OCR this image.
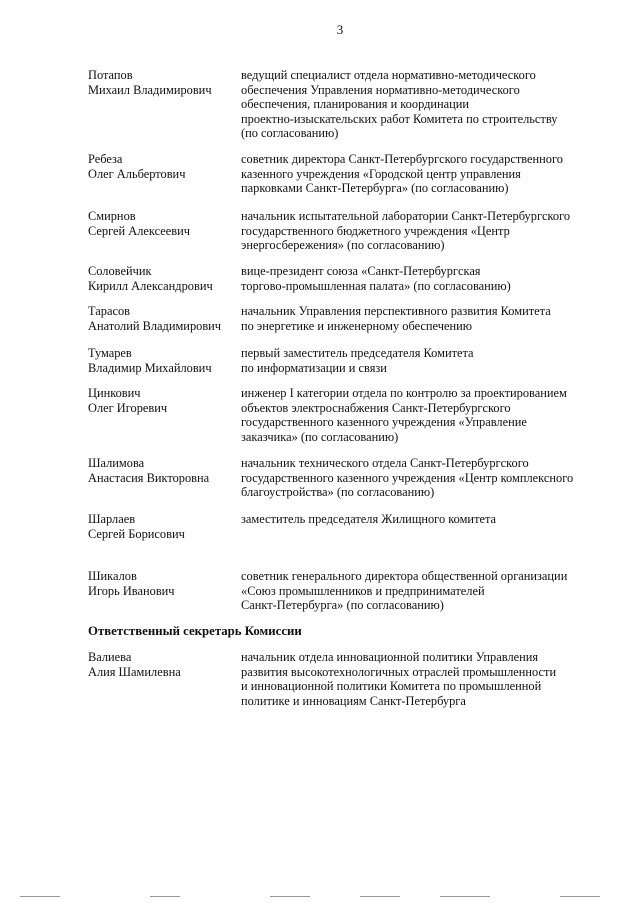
3
Потапов
Михаил Владимирович
ведущий специалист отдела нормативно-методического
обеспечения Управления нормативно-методического
обеспечения, планирования и координации
проектно-изыскательских работ Комитета по строительству
(по согласованию)
Ребеза
Олег Альбертович
советник директора Санкт-Петербургского государственного
казенного учреждения «Городской центр управления
парковками Санкт-Петербурга» (по согласованию)
Смирнов
Сергей Алексеевич
начальник испытательной лаборатории Санкт-Петербургского
государственного бюджетного учреждения «Центр
энергосбережения» (по согласованию)
Соловейчик
Кирилл Александрович
вице-президент союза «Санкт-Петербургская
торгово-промышленная палата» (по согласованию)
Тарасов
Анатолий Владимирович
начальник Управления перспективного развития Комитета
по энергетике и инженерному обеспечению
Тумарев
Владимир Михайлович
первый заместитель председателя Комитета
по информатизации и связи
Цинкович
Олег Игоревич
инженер I категории отдела по контролю за проектированием
объектов электроснабжения Санкт-Петербургского
государственного казенного учреждения «Управление
заказчика» (по согласованию)
Шалимова
Анастасия Викторовна
начальник технического отдела Санкт-Петербургского
государственного казенного учреждения «Центр комплексного
благоустройства» (по согласованию)
Шарлаев
Сергей Борисович
заместитель председателя Жилищного комитета
Шикалов
Игорь Иванович
советник генерального директора общественной организации
«Союз промышленников и предпринимателей
Санкт-Петербурга» (по согласованию)
Ответственный секретарь Комиссии
Валиева
Алия Шамилевна
начальник отдела инновационной политики Управления
развития высокотехнологичных отраслей промышленности
и инновационной политики Комитета по промышленной
политике и инновациям Санкт-Петербурга
